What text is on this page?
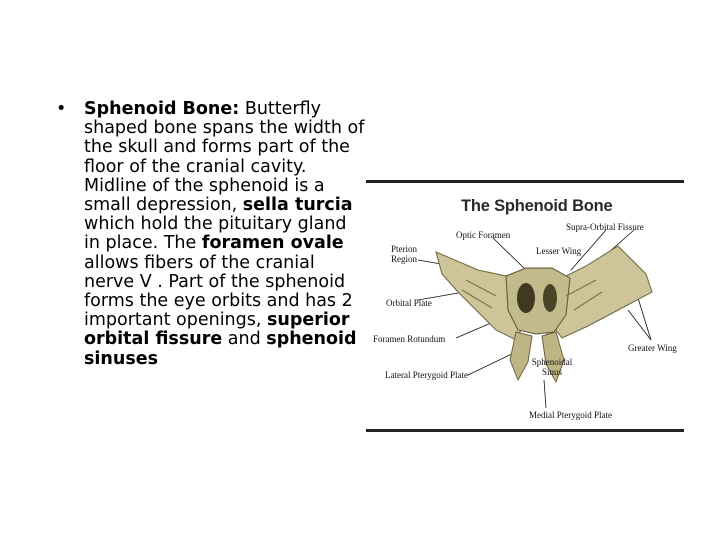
• Sphenoid Bone: Butterfly shaped bone spans the width of the skull and forms part of the floor of the cranial cavity. Midline of the sphenoid is a small depression, sella turcia which hold the pituitary gland in place. The foramen ovale allows fibers of the cranial nerve V . Part of the sphenoid forms the eye orbits and has 2 important openings, superior orbital fissure and sphenoid sinuses
The Sphenoid Bone
Supra-Orbital Fissure
Optic Foramen
Lesser Wing
Pterion Region
Orbital Plate
Foramen Rotundum
Greater Wing
Sphenoidal Sinus
Lateral Pterygoid Plate
Medial Pterygoid Plate
